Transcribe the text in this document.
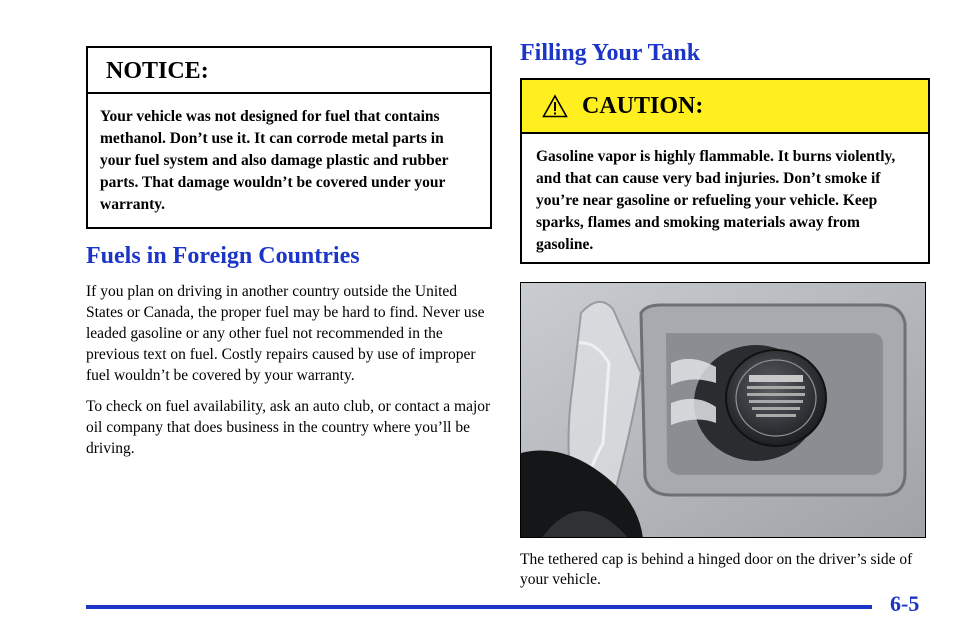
NOTICE:
Your vehicle was not designed for fuel that contains methanol. Don’t use it. It can corrode metal parts in your fuel system and also damage plastic and rubber parts. That damage wouldn’t be covered under your warranty.
Fuels in Foreign Countries

If you plan on driving in another country outside the United States or Canada, the proper fuel may be hard to find. Never use leaded gasoline or any other fuel not recommended in the previous text on fuel. Costly repairs caused by use of improper fuel wouldn’t be covered by your warranty.

To check on fuel availability, ask an auto club, or contact a major oil company that does business in the country where you’ll be driving.

Filling Your Tank
CAUTION:
Gasoline vapor is highly flammable. It burns violently, and that can cause very bad injuries. Don’t smoke if you’re near gasoline or refueling your vehicle. Keep sparks, flames and smoking materials away from gasoline.
The tethered cap is behind a hinged door on the driver’s side of your vehicle.
6-5
